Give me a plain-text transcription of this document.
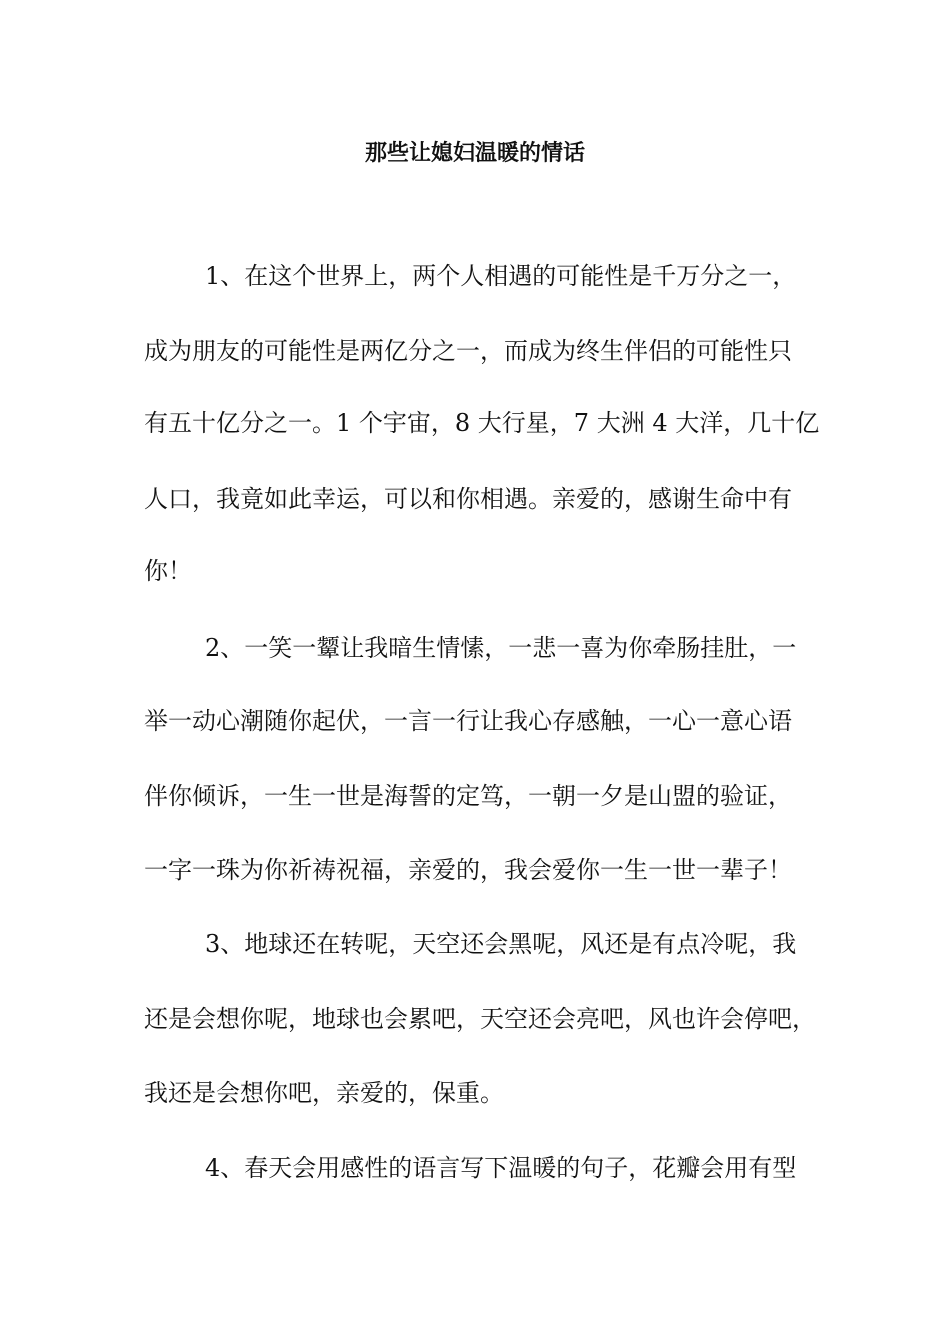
那些让媳妇温暖的情话
1、在这个世界上，两个人相遇的可能性是千万分之一，
成为朋友的可能性是两亿分之一，而成为终生伴侣的可能性只
有五十亿分之一。1 个宇宙，8 大行星，7 大洲 4 大洋，几十亿
人口，我竟如此幸运，可以和你相遇。亲爱的，感谢生命中有
你！
2、一笑一颦让我暗生情愫，一悲一喜为你牵肠挂肚，一
举一动心潮随你起伏，一言一行让我心存感触，一心一意心语
伴你倾诉，一生一世是海誓的定笃，一朝一夕是山盟的验证，
一字一珠为你祈祷祝福，亲爱的，我会爱你一生一世一辈子！
3、地球还在转呢，天空还会黑呢，风还是有点冷呢，我
还是会想你呢，地球也会累吧，天空还会亮吧，风也许会停吧，
我还是会想你吧，亲爱的，保重。
4、春天会用感性的语言写下温暖的句子，花瓣会用有型
